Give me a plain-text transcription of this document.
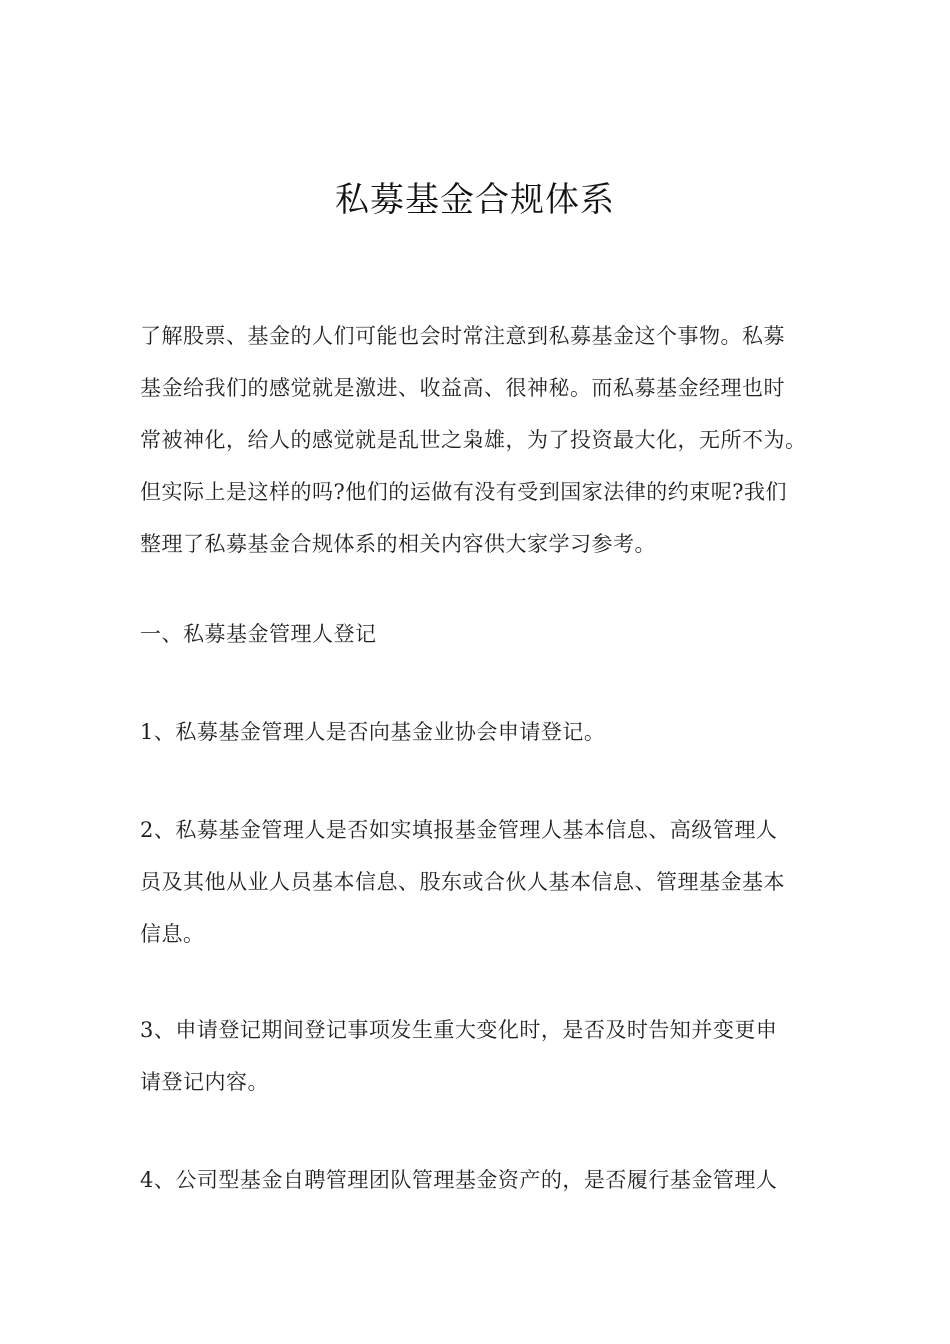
私募基金合规体系
了解股票、基金的人们可能也会时常注意到私募基金这个事物。私募
基金给我们的感觉就是激进、收益高、很神秘。而私募基金经理也时
常被神化，给人的感觉就是乱世之枭雄，为了投资最大化，无所不为。
但实际上是这样的吗?他们的运做有没有受到国家法律的约束呢?我们
整理了私募基金合规体系的相关内容供大家学习参考。
一、私募基金管理人登记
1、私募基金管理人是否向基金业协会申请登记。
2、私募基金管理人是否如实填报基金管理人基本信息、高级管理人
员及其他从业人员基本信息、股东或合伙人基本信息、管理基金基本
信息。
3、申请登记期间登记事项发生重大变化时，是否及时告知并变更申
请登记内容。
4、公司型基金自聘管理团队管理基金资产的，是否履行基金管理人
